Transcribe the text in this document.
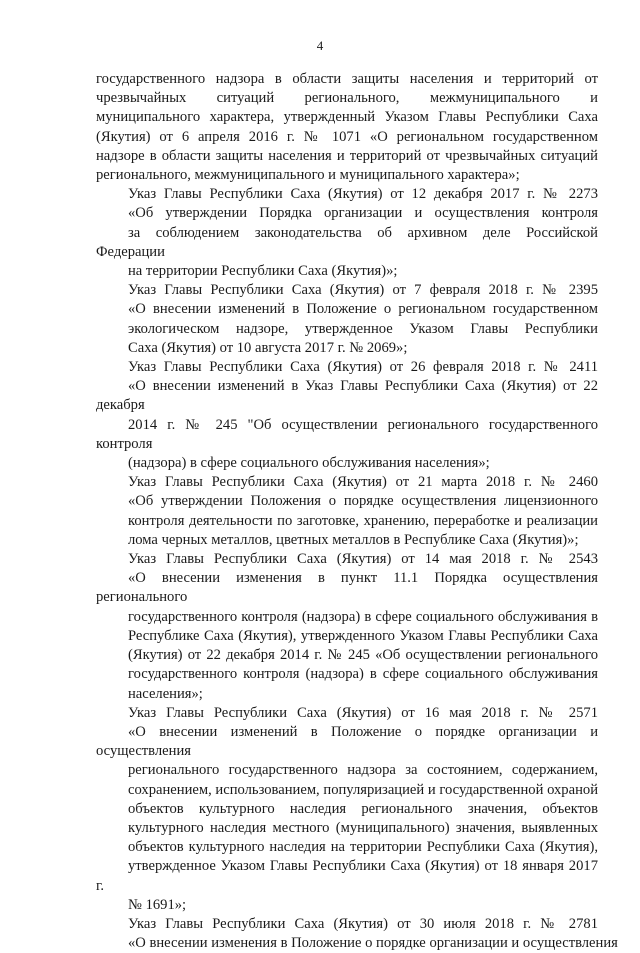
4

государственного надзора в области защиты населения и территорий от
чрезвычайных ситуаций регионального, межмуниципального и
муниципального характера, утвержденный Указом Главы Республики Саха
(Якутия) от 6 апреля 2016 г. № 1071 «О региональном государственном
надзоре в области защиты населения и территорий от чрезвычайных ситуаций
регионального, межмуниципального и муниципального характера»;

Указ Главы Республики Саха (Якутия) от 12 декабря 2017 г. № 2273
«Об утверждении Порядка организации и осуществления контроля
за соблюдением законодательства об архивном деле Российской Федерации
на территории Республики Саха (Якутия)»;

Указ Главы Республики Саха (Якутия) от 7 февраля 2018 г. № 2395
«О внесении изменений в Положение о региональном государственном
экологическом надзоре, утвержденное Указом Главы Республики
Саха (Якутия) от 10 августа 2017 г. № 2069»;

Указ Главы Республики Саха (Якутия) от 26 февраля 2018 г. № 2411
«О внесении изменений в Указ Главы Республики Саха (Якутия) от 22 декабря
2014 г. № 245 "Об осуществлении регионального государственного контроля
(надзора) в сфере социального обслуживания населения»;

Указ Главы Республики Саха (Якутия) от 21 марта 2018 г. № 2460
«Об утверждении Положения о порядке осуществления лицензионного
контроля деятельности по заготовке, хранению, переработке и реализации
лома черных металлов, цветных металлов в Республике Саха (Якутия)»;

Указ Главы Республики Саха (Якутия) от 14 мая 2018 г. № 2543
«О внесении изменения в пункт 11.1 Порядка осуществления регионального
государственного контроля (надзора) в сфере социального обслуживания в
Республике Саха (Якутия), утвержденного Указом Главы Республики Саха
(Якутия) от 22 декабря 2014 г. № 245 «Об осуществлении регионального
государственного контроля (надзора) в сфере социального обслуживания
населения»;

Указ Главы Республики Саха (Якутия) от 16 мая 2018 г. № 2571
«О внесении изменений в Положение о порядке организации и осуществления
регионального государственного надзора за состоянием, содержанием,
сохранением, использованием, популяризацией и государственной охраной
объектов культурного наследия регионального значения, объектов
культурного наследия местного (муниципального) значения, выявленных
объектов культурного наследия на территории Республики Саха (Якутия),
утвержденное Указом Главы Республики Саха (Якутия) от 18 января 2017 г.
№ 1691»;

Указ Главы Республики Саха (Якутия) от 30 июля 2018 г. № 2781
«О внесении изменения в Положение о порядке организации и осуществления
